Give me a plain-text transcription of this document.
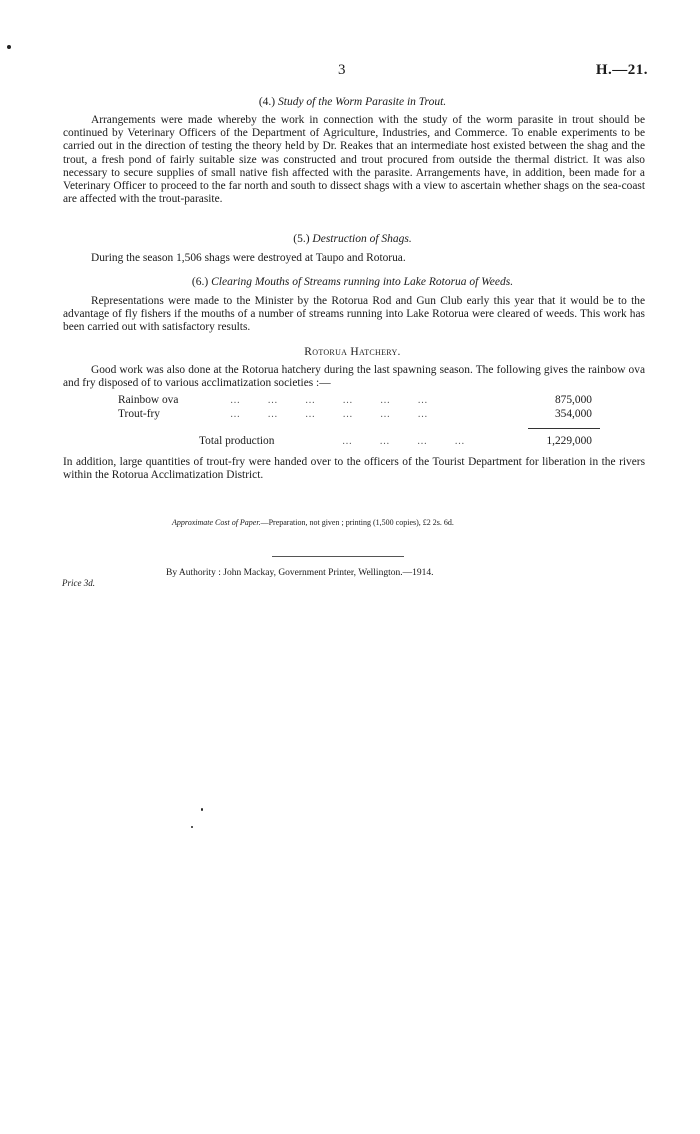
3	H.—21.
(4.) Study of the Worm Parasite in Trout.
Arrangements were made whereby the work in connection with the study of the worm parasite in trout should be continued by Veterinary Officers of the Department of Agriculture, Industries, and Commerce. To enable experiments to be carried out in the direction of testing the theory held by Dr. Reakes that an intermediate host existed between the shag and the trout, a fresh pond of fairly suitable size was constructed and trout procured from outside the thermal district. It was also necessary to secure supplies of small native fish affected with the parasite. Arrangements have, in addition, been made for a Veterinary Officer to proceed to the far north and south to dissect shags with a view to ascertain whether shags on the sea-coast are affected with the trout-parasite.
(5.) Destruction of Shags.
During the season 1,506 shags were destroyed at Taupo and Rotorua.
(6.) Clearing Mouths of Streams running into Lake Rotorua of Weeds.
Representations were made to the Minister by the Rotorua Rod and Gun Club early this year that it would be to the advantage of fly fishers if the mouths of a number of streams running into Lake Rotorua were cleared of weeds. This work has been carried out with satisfactory results.
Rotorua Hatchery.
Good work was also done at the Rotorua hatchery during the last spawning season. The following gives the rainbow ova and fry disposed of to various acclimatization societies :—
Rainbow ova	…           …           …           …           …           …	875,000
Trout-fry	…           …           …           …           …           …	354,000
Total production	…           …           …           …	1,229,000
In addition, large quantities of trout-fry were handed over to the officers of the Tourist Department for liberation in the rivers within the Rotorua Acclimatization District.
Approximate Cost of Paper.—Preparation, not given ; printing (1,500 copies), £2 2s. 6d.
By Authority : John Mackay, Government Printer, Wellington.—1914.
Price 3d.
